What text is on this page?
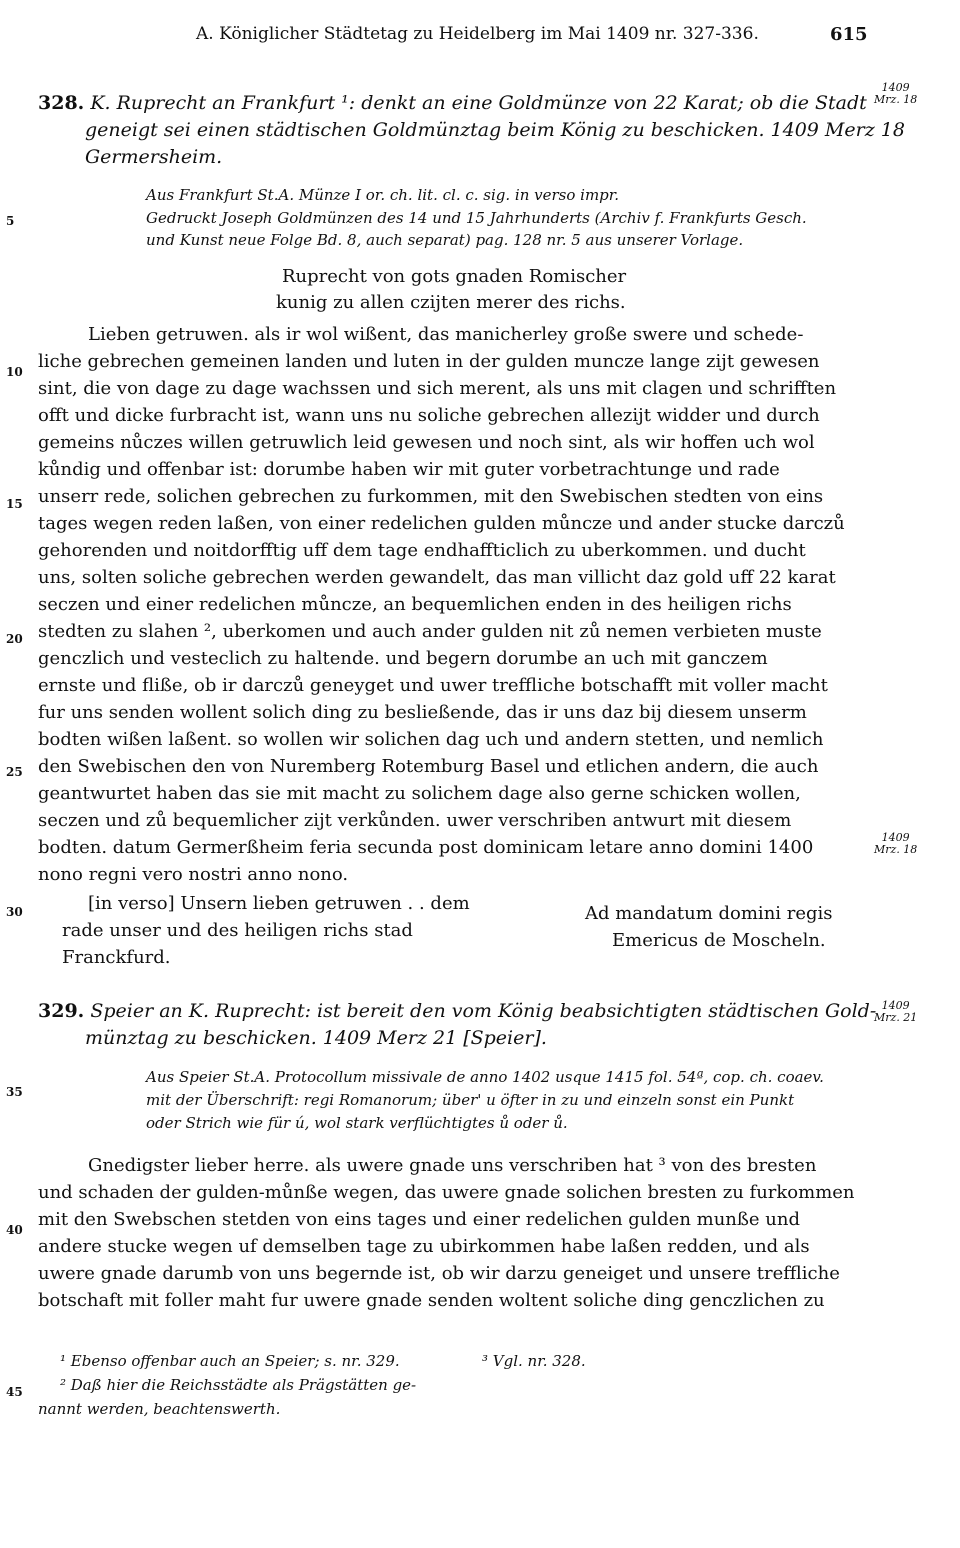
A. Königlicher Städtetag zu Heidelberg im Mai 1409 nr. 327-336.	615
5
10
15
20
25
30
35
40
45
1409
Mrz. 18
1409
Mrz. 18
1409
Mrz. 21
328. K. Ruprecht an Frankfurt ¹: denkt an eine Goldmünze von 22 Karat; ob die Stadt
geneigt sei einen städtischen Goldmünztag beim König zu beschicken. 1409 Merz 18
Germersheim.
Aus Frankfurt St.A. Münze I or. ch. lit. cl. c. sig. in verso impr.
Gedruckt Joseph Goldmünzen des 14 und 15 Jahrhunderts (Archiv f. Frankfurts Gesch.
und Kunst neue Folge Bd. 8, auch separat) pag. 128 nr. 5 aus unserer Vorlage.
Ruprecht von gots gnaden Romischer
kunig zu allen czijten merer des richs.
Lieben getruwen. als ir wol wißent, das manicherley große swere und schede-
liche gebrechen gemeinen landen und luten in der gulden muncze lange zijt gewesen
sint, die von dage zu dage wachssen und sich merent, als uns mit clagen und schrifften
offt und dicke furbracht ist, wann uns nu soliche gebrechen allezijt widder und durch
gemeins nůczes willen getruwlich leid gewesen und noch sint, als wir hoffen uch wol
kůndig und offenbar ist: dorumbe haben wir mit guter vorbetrachtunge und rade
unserr rede, solichen gebrechen zu furkommen, mit den Swebischen stedten von eins
tages wegen reden laßen, von einer redelichen gulden můncze und ander stucke darczů
gehorenden und noitdorfftig uff dem tage endhaffticlich zu uberkommen. und ducht
uns, solten soliche gebrechen werden gewandelt, das man villicht daz gold uff 22 karat
seczen und einer redelichen můncze, an bequemlichen enden in des heiligen richs
stedten zu slahen ², uberkomen und auch ander gulden nit zů nemen verbieten muste
genczlich und vesteclich zu haltende. und begern dorumbe an uch mit ganczem
ernste und fliße, ob ir darczů geneyget und uwer treffliche botschafft mit voller macht
fur uns senden wollent solich ding zu besließende, das ir uns daz bij diesem unserm
bodten wißen laßent. so wollen wir solichen dag uch und andern stetten, und nemlich
den Swebischen den von Nuremberg Rotemburg Basel und etlichen andern, die auch
geantwurtet haben das sie mit macht zu solichem dage also gerne schicken wollen,
seczen und zů bequemlicher zijt verkůnden. uwer verschriben antwurt mit diesem
bodten. datum Germerßheim feria secunda post dominicam letare anno domini 1400
nono regni vero nostri anno nono.
[in verso] Unsern lieben getruwen . . dem
rade unser und des heiligen richs stad
Franckfurd.
Ad mandatum domini regis
Emericus de Moscheln.
329. Speier an K. Ruprecht: ist bereit den vom König beabsichtigten städtischen Gold-
münztag zu beschicken. 1409 Merz 21 [Speier].
Aus Speier St.A. Protocollum missivale de anno 1402 usque 1415 fol. 54ª, cop. ch. coaev.
mit der Überschrift: regi Romanorum; über' u öfter in zu und einzeln sonst ein Punkt
oder Strich wie für ú, wol stark verflüchtigtes ů oder ů.
Gnedigster lieber herre. als uwere gnade uns verschriben hat ³ von des bresten
und schaden der gulden-můnße wegen, das uwere gnade solichen bresten zu furkommen
mit den Swebschen stetden von eins tages und einer redelichen gulden munße und
andere stucke wegen uf demselben tage zu ubirkommen habe laßen redden, und als
uwere gnade darumb von uns begernde ist, ob wir darzu geneiget und unsere treffliche
botschaft mit foller maht fur uwere gnade senden woltent soliche ding genczlichen zu
¹ Ebenso offenbar auch an Speier; s. nr. 329.
² Daß hier die Reichsstädte als Prägstätten ge-
nannt werden, beachtenswerth.
³ Vgl. nr. 328.
